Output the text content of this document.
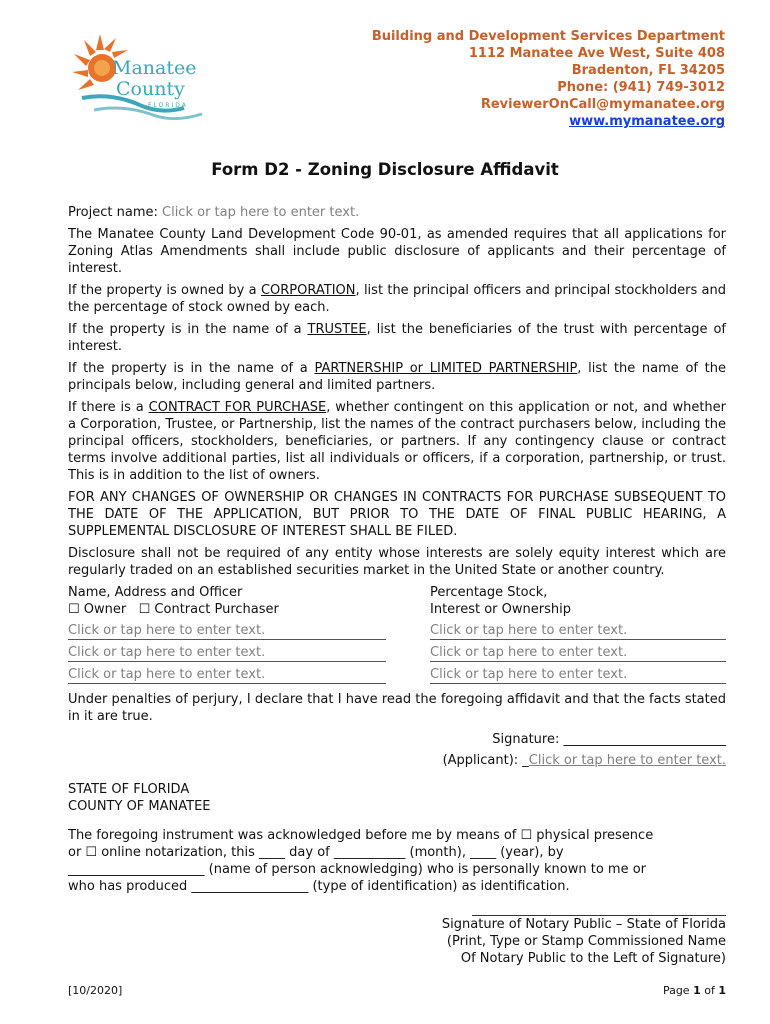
Manatee
County
FLORIDA
Building and Development Services Department
1112 Manatee Ave West, Suite 408
Bradenton, FL 34205
Phone: (941) 749-3012
ReviewerOnCall@mymanatee.org
www.mymanatee.org
Form D2 - Zoning Disclosure Affidavit

Project name: Click or tap here to enter text.

The Manatee County Land Development Code 90-01, as amended requires that all applications for Zoning Atlas Amendments shall include public disclosure of applicants and their percentage of interest.

If the property is owned by a CORPORATION, list the principal officers and principal stockholders and the percentage of stock owned by each.

If the property is in the name of a TRUSTEE, list the beneficiaries of the trust with percentage of interest.

If the property is in the name of a PARTNERSHIP or LIMITED PARTNERSHIP, list the name of the principals below, including general and limited partners.

If there is a CONTRACT FOR PURCHASE, whether contingent on this application or not, and whether a Corporation, Trustee, or Partnership, list the names of the contract purchasers below, including the principal officers, stockholders, beneficiaries, or partners. If any contingency clause or contract terms involve additional parties, list all individuals or officers, if a corporation, partnership, or trust. This is in addition to the list of owners.

FOR ANY CHANGES OF OWNERSHIP OR CHANGES IN CONTRACTS FOR PURCHASE SUBSEQUENT TO THE DATE OF THE APPLICATION, BUT PRIOR TO THE DATE OF FINAL PUBLIC HEARING, A SUPPLEMENTAL DISCLOSURE OF INTEREST SHALL BE FILED.

Disclosure shall not be required of any entity whose interests are solely equity interest which are regularly traded on an established securities market in the United State or another country.

Name, Address and Officer
☐ Owner ☐ Contract Purchaser
Click or tap here to enter text.
Click or tap here to enter text.
Click or tap here to enter text.
Percentage Stock,
Interest or Ownership
Click or tap here to enter text.
Click or tap here to enter text.
Click or tap here to enter text.

Under penalties of perjury, I declare that I have read the foregoing affidavit and that the facts stated in it are true.

Signature: _________________________
(Applicant): _Click or tap here to enter text.
STATE OF FLORIDA
COUNTY OF MANATEE
The foregoing instrument was acknowledged before me by means of ☐ physical presence
or ☐ online notarization, this ____ day of ___________ (month), ____ (year), by
_____________________ (name of person acknowledging) who is personally known to me or
who has produced __________________ (type of identification) as identification.
Signature of Notary Public – State of Florida
(Print, Type or Stamp Commissioned Name
Of Notary Public to the Left of Signature)
[10/2020]	Page 1 of 1
